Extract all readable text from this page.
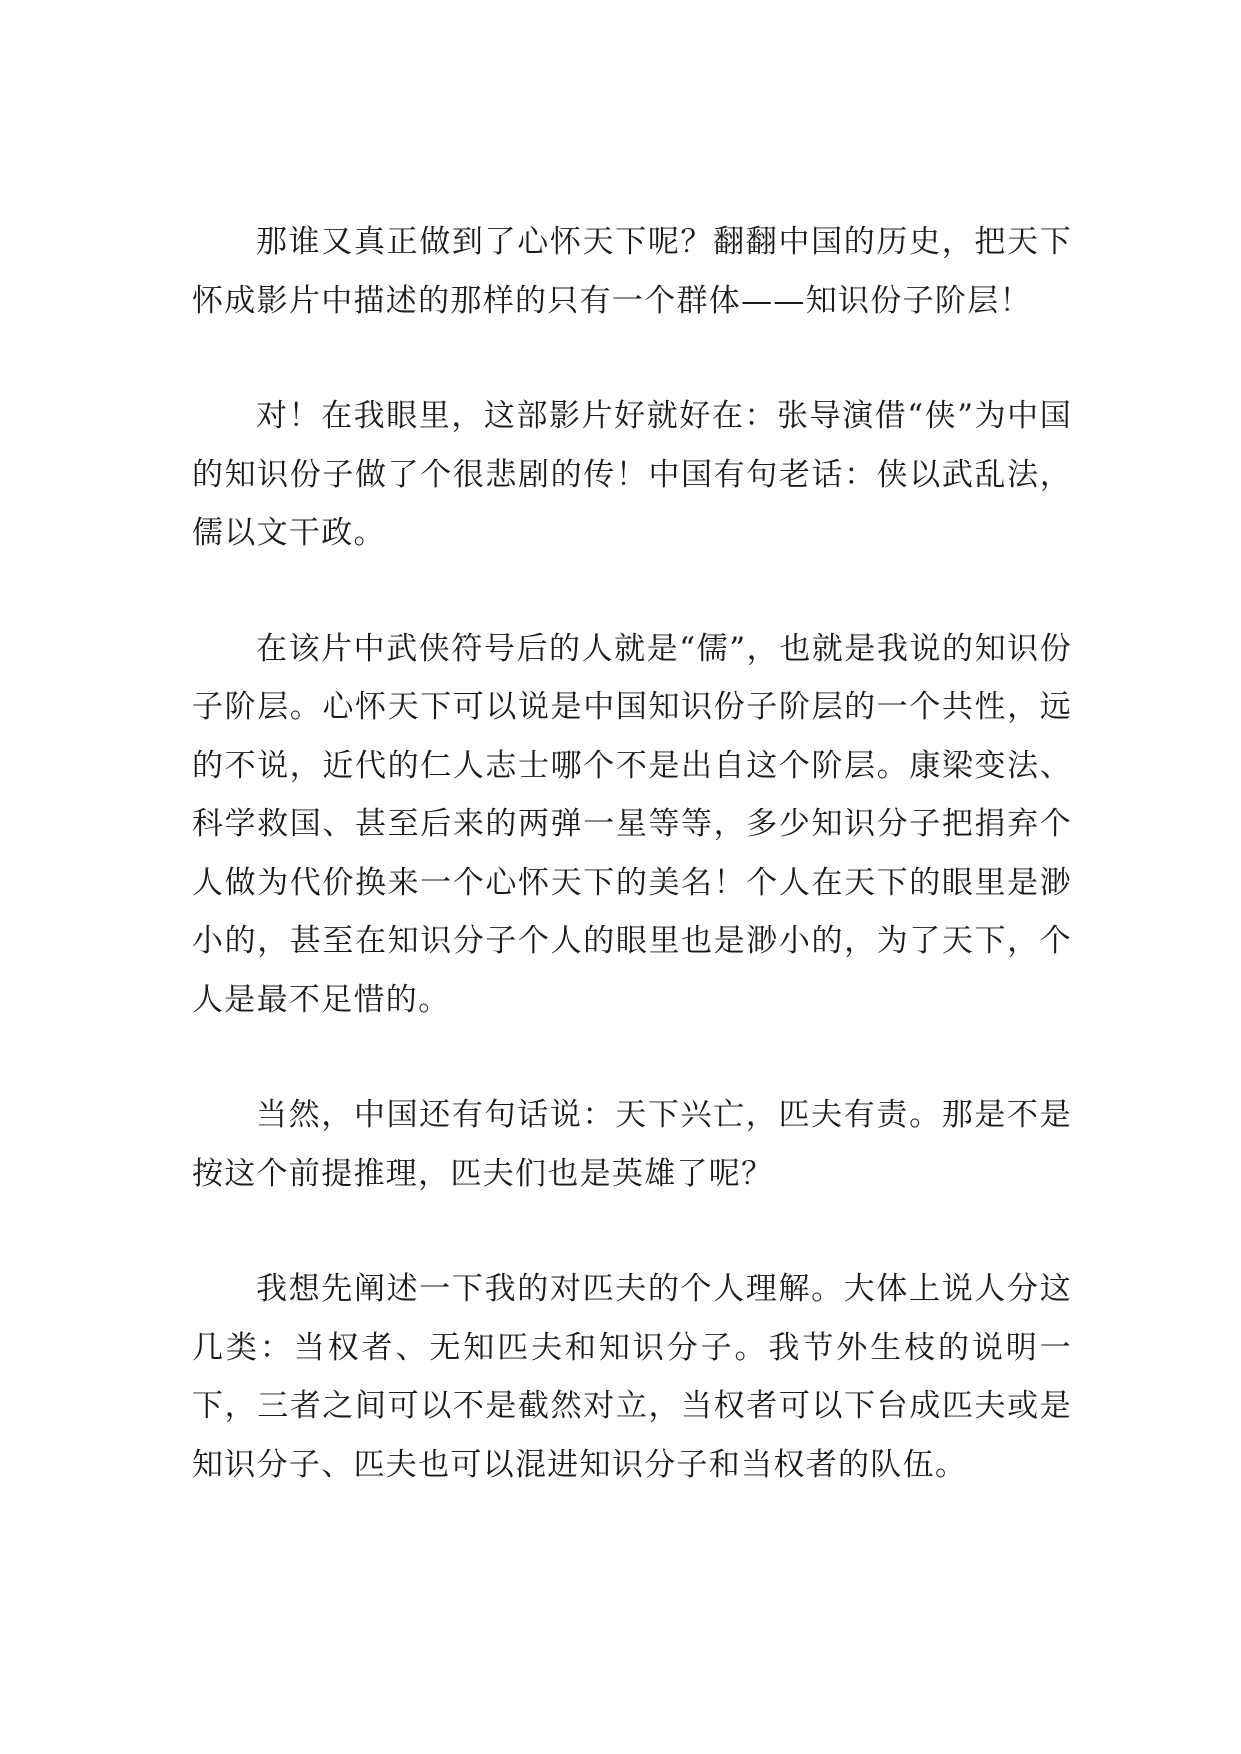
那谁又真正做到了心怀天下呢？翻翻中国的历史，把天下怀成影片中描述的那样的只有一个群体——知识份子阶层！

对！在我眼里，这部影片好就好在：张导演借“侠”为中国的知识份子做了个很悲剧的传！中国有句老话：侠以武乱法，儒以文干政。

在该片中武侠符号后的人就是“儒”，也就是我说的知识份子阶层。心怀天下可以说是中国知识份子阶层的一个共性，远的不说，近代的仁人志士哪个不是出自这个阶层。康梁变法、科学救国、甚至后来的两弹一星等等，多少知识分子把捐弃个人做为代价换来一个心怀天下的美名！个人在天下的眼里是渺小的，甚至在知识分子个人的眼里也是渺小的，为了天下，个人是最不足惜的。

当然，中国还有句话说：天下兴亡，匹夫有责。那是不是按这个前提推理，匹夫们也是英雄了呢？

我想先阐述一下我的对匹夫的个人理解。大体上说人分这几类：当权者、无知匹夫和知识分子。我节外生枝的说明一下，三者之间可以不是截然对立，当权者可以下台成匹夫或是知识分子、匹夫也可以混进知识分子和当权者的队伍。
